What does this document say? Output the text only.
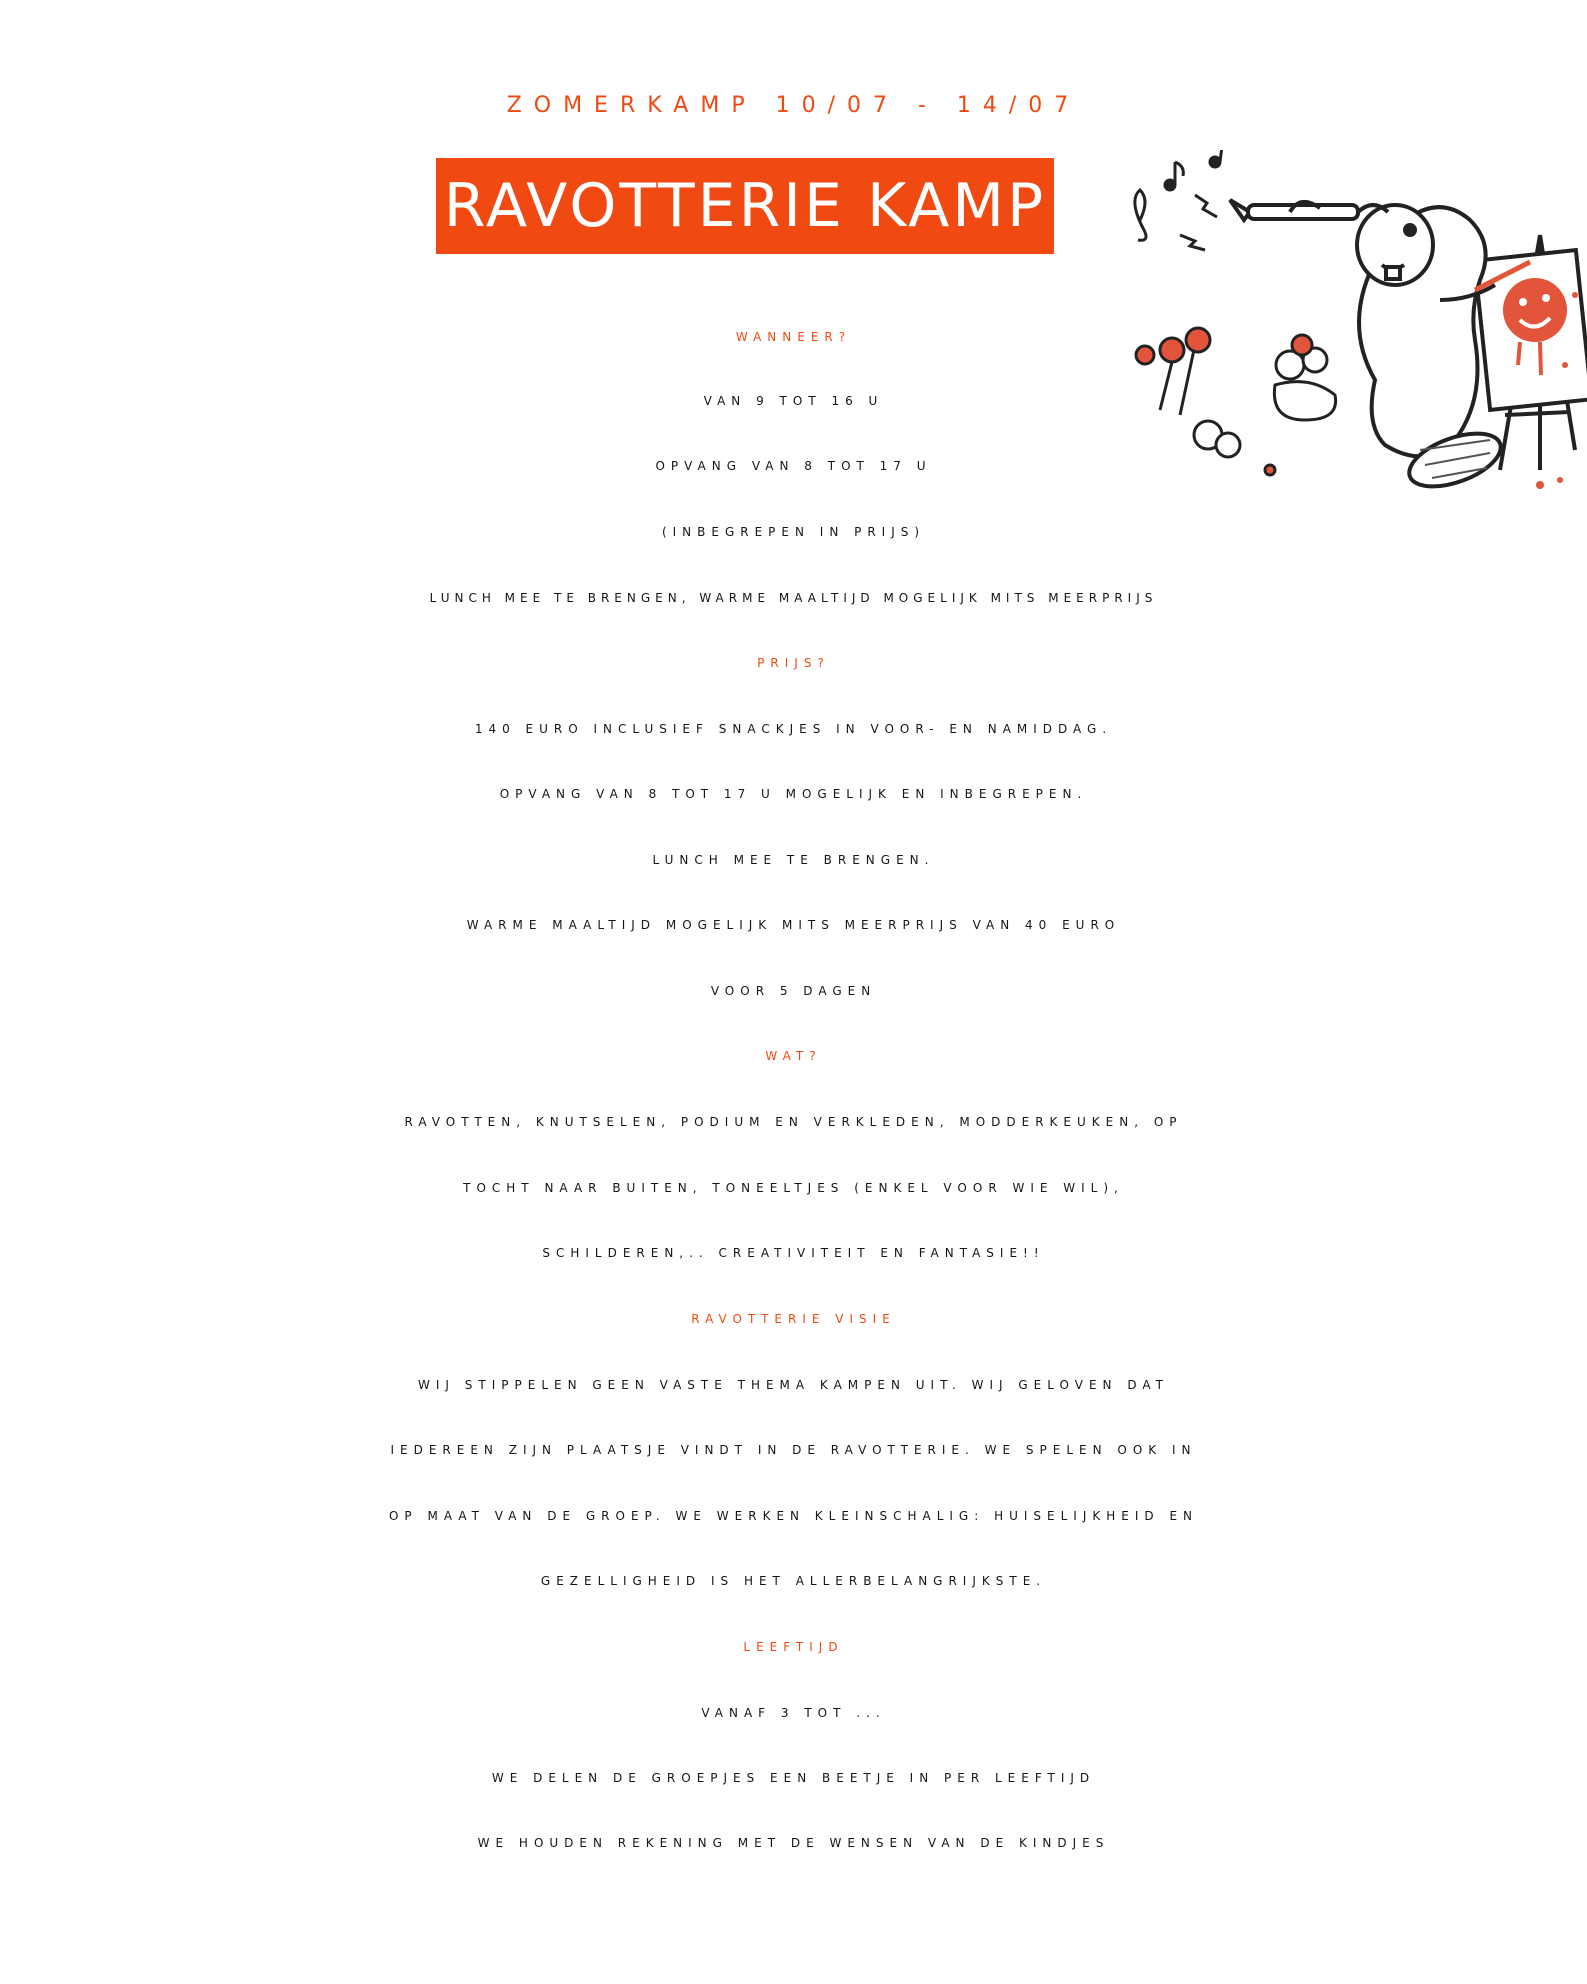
ZOMERKAMP 10/07 - 14/07
RAVOTTERIE KAMP
WANNEER?
VAN 9 TOT 16 U
OPVANG VAN 8 TOT 17 U
(INBEGREPEN IN PRIJS)
LUNCH MEE TE BRENGEN, WARME MAALTIJD MOGELIJK MITS MEERPRIJS
PRIJS?
140 EURO INCLUSIEF SNACKJES IN VOOR- EN NAMIDDAG.
OPVANG VAN 8 TOT 17 U MOGELIJK EN INBEGREPEN.
LUNCH MEE TE BRENGEN.
WARME MAALTIJD MOGELIJK MITS MEERPRIJS VAN 40 EURO
VOOR 5 DAGEN
WAT?
RAVOTTEN, KNUTSELEN, PODIUM EN VERKLEDEN, MODDERKEUKEN, OP
TOCHT NAAR BUITEN, TONEELTJES (ENKEL VOOR WIE WIL),
SCHILDEREN,.. CREATIVITEIT EN FANTASIE!!
RAVOTTERIE VISIE
WIJ STIPPELEN GEEN VASTE THEMA KAMPEN UIT. WIJ GELOVEN DAT
IEDEREEN ZIJN PLAATSJE VINDT IN DE RAVOTTERIE. WE SPELEN OOK IN
OP MAAT VAN DE GROEP. WE WERKEN KLEINSCHALIG: HUISELIJKHEID EN
GEZELLIGHEID IS HET ALLERBELANGRIJKSTE.
LEEFTIJD
VANAF 3 TOT ...
WE DELEN DE GROEPJES EEN BEETJE IN PER LEEFTIJD
WE HOUDEN REKENING MET DE WENSEN VAN DE KINDJES
